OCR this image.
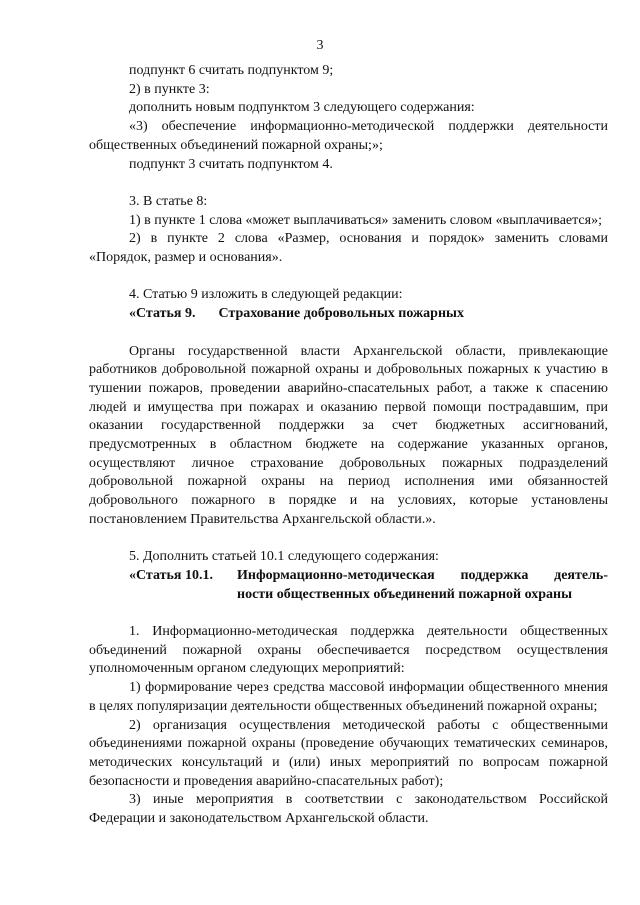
3

подпункт 6 считать подпунктом 9;

2) в пункте 3:

дополнить новым подпунктом 3 следующего содержания:

«3) обеспечение информационно-методической поддержки деятельности общественных объединений пожарной охраны;»;

подпункт 3 считать подпунктом 4.

3. В статье 8:

1) в пункте 1 слова «может выплачиваться» заменить словом «выплачивается»;

2) в пункте 2 слова «Размер, основания и порядок» заменить словами «Порядок, размер и основания».

4. Статью 9 изложить в следующей редакции:

«Статья 9. Страхование добровольных пожарных

Органы государственной власти Архангельской области, привлекающие работников добровольной пожарной охраны и добровольных пожарных к участию в тушении пожаров, проведении аварийно-спасательных работ, а также к спасению людей и имущества при пожарах и оказанию первой помощи пострадавшим, при оказании государственной поддержки за счет бюджетных ассигнований, предусмотренных в областном бюджете на содержание указанных органов, осуществляют личное страхование добровольных пожарных подразделений добровольной пожарной охраны на период исполнения ими обязанностей добровольного пожарного в порядке и на условиях, которые установлены постановлением Правительства Архангельской области.».

5. Дополнить статьей 10.1 следующего содержания:

«Статья 10.1.	Информационно-методическая поддержка деятель-
ности общественных объединений пожарной охраны

1. Информационно-методическая поддержка деятельности общественных объединений пожарной охраны обеспечивается посредством осуществления уполномоченным органом следующих мероприятий:

1) формирование через средства массовой информации общественного мнения в целях популяризации деятельности общественных объединений пожарной охраны;

2) организация осуществления методической работы с общественными объединениями пожарной охраны (проведение обучающих тематических семинаров, методических консультаций и (или) иных мероприятий по вопросам пожарной безопасности и проведения аварийно-спасательных работ);

3) иные мероприятия в соответствии с законодательством Российской Федерации и законодательством Архангельской области.
